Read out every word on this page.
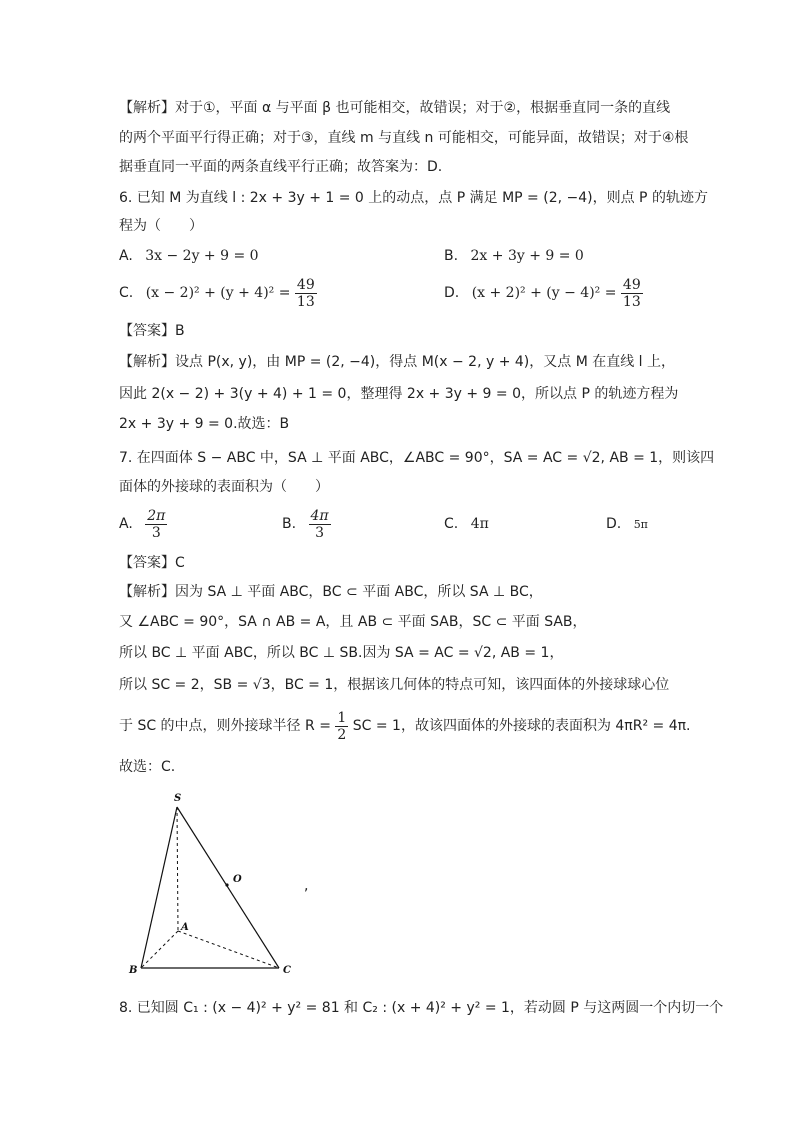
【解析】对于①，平面 α 与平面 β 也可能相交，故错误；对于②，根据垂直同一条的直线
的两个平面平行得正确；对于③，直线 m 与直线 n 可能相交，可能异面，故错误；对于④根
据垂直同一平面的两条直线平行正确；故答案为：D.
6. 已知 M 为直线 l : 2x + 3y + 1 = 0 上的动点，点 P 满足 MP = (2, −4)，则点 P 的轨迹方
程为（　　）
A. 3x − 2y + 9 = 0	B. 2x + 3y + 9 = 0
C. $(x - 2)^2 + (y + 4)^2 = \frac{49}{13}$	D. $(x + 2)^2 + (y - 4)^2 = \frac{49}{13}$
【答案】B
【解析】设点 P(x, y)，由 MP = (2, −4)，得点 M(x − 2, y + 4)，又点 M 在直线 l 上，
因此 2(x − 2) + 3(y + 4) + 1 = 0，整理得 2x + 3y + 9 = 0，所以点 P 的轨迹方程为
2x + 3y + 9 = 0.故选：B
7. 在四面体 S − ABC 中，SA ⊥ 平面 ABC，∠ABC = 90°，SA = AC = √2, AB = 1，则该四
面体的外接球的表面积为（　　）
A. $\frac{2\pi}{3}$	B. $\frac{4\pi}{3}$	C. 4π	D. 5π
【答案】C
【解析】因为 SA ⊥ 平面 ABC，BC ⊂ 平面 ABC，所以 SA ⊥ BC，
又 ∠ABC = 90°，SA ∩ AB = A，且 AB ⊂ 平面 SAB，SC ⊂ 平面 SAB，
所以 BC ⊥ 平面 ABC，所以 BC ⊥ SB.因为 SA = AC = √2, AB = 1，
所以 SC = 2，SB = √3，BC = 1，根据该几何体的特点可知，该四面体的外接球球心位
于 SC 的中点，则外接球半径 $R = \frac{1}{2}$ SC = 1，故该四面体的外接球的表面积为 4πR² = 4π.
故选：C.
S
A
B	C
O	,
8. 已知圆 C₁ : (x − 4)² + y² = 81 和 C₂ : (x + 4)² + y² = 1，若动圆 P 与这两圆一个内切一个
